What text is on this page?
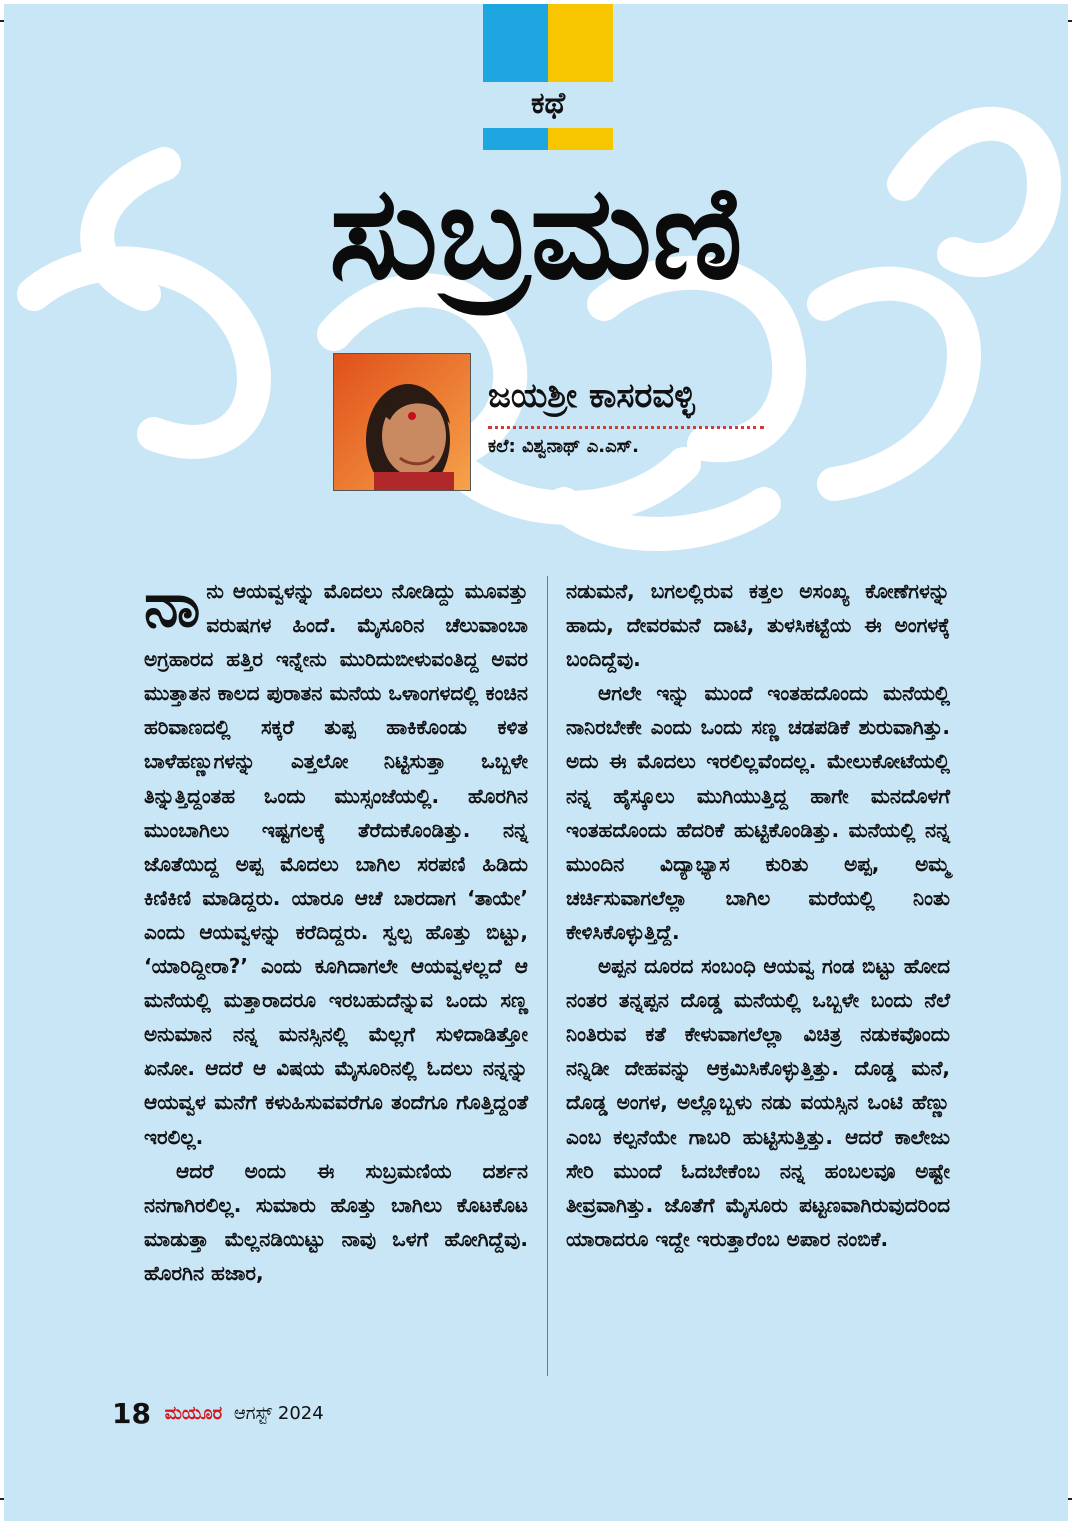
ಕಥೆ
ಸುಬ್ರಮಣಿ
ಜಯಶ್ರೀ ಕಾಸರವಳ್ಳಿ
ಕಲೆ: ವಿಶ್ವನಾಥ್ ಎ.ಎಸ್.

ನಾನು ಆಯವ್ವಳನ್ನು ಮೊದಲು ನೋಡಿದ್ದು ಮೂವತ್ತು ವರುಷಗಳ ಹಿಂದೆ. ಮೈಸೂರಿನ ಚೆಲುವಾಂಬಾ ಅಗ್ರಹಾರದ ಹತ್ತಿರ ಇನ್ನೇನು ಮುರಿದುಬೀಳುವಂತಿದ್ದ ಅವರ ಮುತ್ತಾತನ ಕಾಲದ ಪುರಾತನ ಮನೆಯ ಒಳಾಂಗಳದಲ್ಲಿ ಕಂಚಿನ ಹರಿವಾಣದಲ್ಲಿ ಸಕ್ಕರೆ ತುಪ್ಪ ಹಾಕಿಕೊಂಡು ಕಳಿತ ಬಾಳೆಹಣ್ಣುಗಳನ್ನು ಎತ್ತಲೋ ನಿಟ್ಟಿಸುತ್ತಾ ಒಬ್ಬಳೇ ತಿನ್ನುತ್ತಿದ್ದಂತಹ ಒಂದು ಮುಸ್ಸಂಜೆಯಲ್ಲಿ. ಹೊರಗಿನ ಮುಂಬಾಗಿಲು ಇಷ್ಟಗಲಕ್ಕೆ ತೆರೆದುಕೊಂಡಿತ್ತು. ನನ್ನ ಜೊತೆಯಿದ್ದ ಅಪ್ಪ ಮೊದಲು ಬಾಗಿಲ ಸರಪಣಿ ಹಿಡಿದು ಕಿಣಿಕಿಣಿ ಮಾಡಿದ್ದರು. ಯಾರೂ ಆಚೆ ಬಾರದಾಗ ‘ತಾಯೇ’ ಎಂದು ಆಯವ್ವಳನ್ನು ಕರೆದಿದ್ದರು. ಸ್ವಲ್ಪ ಹೊತ್ತು ಬಿಟ್ಟು, ‘ಯಾರಿದ್ದೀರಾ?’ ಎಂದು ಕೂಗಿದಾಗಲೇ ಆಯವ್ವಳಲ್ಲದೆ ಆ ಮನೆಯಲ್ಲಿ ಮತ್ತಾರಾದರೂ ಇರಬಹುದೆನ್ನುವ ಒಂದು ಸಣ್ಣ ಅನುಮಾನ ನನ್ನ ಮನಸ್ಸಿನಲ್ಲಿ ಮೆಲ್ಲಗೆ ಸುಳಿದಾಡಿತ್ತೋ ಏನೋ. ಆದರೆ ಆ ವಿಷಯ ಮೈಸೂರಿನಲ್ಲಿ ಓದಲು ನನ್ನನ್ನು ಆಯವ್ವಳ ಮನೆಗೆ ಕಳುಹಿಸುವವರೆಗೂ ತಂದೆಗೂ ಗೊತ್ತಿದ್ದಂತೆ ಇರಲಿಲ್ಲ.

ಆದರೆ ಅಂದು ಈ ಸುಬ್ರಮಣಿಯ ದರ್ಶನ ನನಗಾಗಿರಲಿಲ್ಲ. ಸುಮಾರು ಹೊತ್ತು ಬಾಗಿಲು ಕೊಟಕೊಟ ಮಾಡುತ್ತಾ ಮೆಲ್ಲನಡಿಯಿಟ್ಟು ನಾವು ಒಳಗೆ ಹೋಗಿದ್ದೆವು. ಹೊರಗಿನ ಹಜಾರ,

ನಡುಮನೆ, ಬಗಲಲ್ಲಿರುವ ಕತ್ತಲ ಅಸಂಖ್ಯ ಕೋಣೆಗಳನ್ನು ಹಾದು, ದೇವರಮನೆ ದಾಟಿ, ತುಳಸಿಕಟ್ಟೆಯ ಈ ಅಂಗಳಕ್ಕೆ ಬಂದಿದ್ದೆವು.

ಆಗಲೇ ಇನ್ನು ಮುಂದೆ ಇಂತಹದೊಂದು ಮನೆಯಲ್ಲಿ ನಾನಿರಬೇಕೇ ಎಂದು ಒಂದು ಸಣ್ಣ ಚಡಪಡಿಕೆ ಶುರುವಾಗಿತ್ತು. ಅದು ಈ ಮೊದಲು ಇರಲಿಲ್ಲವೆಂದಲ್ಲ. ಮೇಲುಕೋಟೆಯಲ್ಲಿ ನನ್ನ ಹೈಸ್ಕೂಲು ಮುಗಿಯುತ್ತಿದ್ದ ಹಾಗೇ ಮನದೊಳಗೆ ಇಂತಹದೊಂದು ಹೆದರಿಕೆ ಹುಟ್ಟಿಕೊಂಡಿತ್ತು. ಮನೆಯಲ್ಲಿ ನನ್ನ ಮುಂದಿನ ವಿದ್ಯಾಭ್ಯಾಸ ಕುರಿತು ಅಪ್ಪ, ಅಮ್ಮ ಚರ್ಚಿಸುವಾಗಲೆಲ್ಲಾ ಬಾಗಿಲ ಮರೆಯಲ್ಲಿ ನಿಂತು ಕೇಳಿಸಿಕೊಳ್ಳುತ್ತಿದ್ದೆ.

ಅಪ್ಪನ ದೂರದ ಸಂಬಂಧಿ ಆಯವ್ವ ಗಂಡ ಬಿಟ್ಟು ಹೋದ ನಂತರ ತನ್ನಪ್ಪನ ದೊಡ್ಡ ಮನೆಯಲ್ಲಿ ಒಬ್ಬಳೇ ಬಂದು ನೆಲೆ ನಿಂತಿರುವ ಕತೆ ಕೇಳುವಾಗಲೆಲ್ಲಾ ವಿಚಿತ್ರ ನಡುಕವೊಂದು ನನ್ನಿಡೀ ದೇಹವನ್ನು ಆಕ್ರಮಿಸಿಕೊಳ್ಳುತ್ತಿತ್ತು. ದೊಡ್ಡ ಮನೆ, ದೊಡ್ಡ ಅಂಗಳ, ಅಲ್ಲೊಬ್ಬಳು ನಡು ವಯಸ್ಸಿನ ಒಂಟಿ ಹೆಣ್ಣು ಎಂಬ ಕಲ್ಪನೆಯೇ ಗಾಬರಿ ಹುಟ್ಟಿಸುತ್ತಿತ್ತು. ಆದರೆ ಕಾಲೇಜು ಸೇರಿ ಮುಂದೆ ಓದಬೇಕೆಂಬ ನನ್ನ ಹಂಬಲವೂ ಅಷ್ಟೇ ತೀವ್ರವಾಗಿತ್ತು. ಜೊತೆಗೆ ಮೈಸೂರು ಪಟ್ಟಣವಾಗಿರುವುದರಿಂದ ಯಾರಾದರೂ ಇದ್ದೇ ಇರುತ್ತಾರೆಂಬ ಅಪಾರ ನಂಬಿಕೆ.

18 ಮಯೂರ ಆಗಸ್ಟ್ 2024
